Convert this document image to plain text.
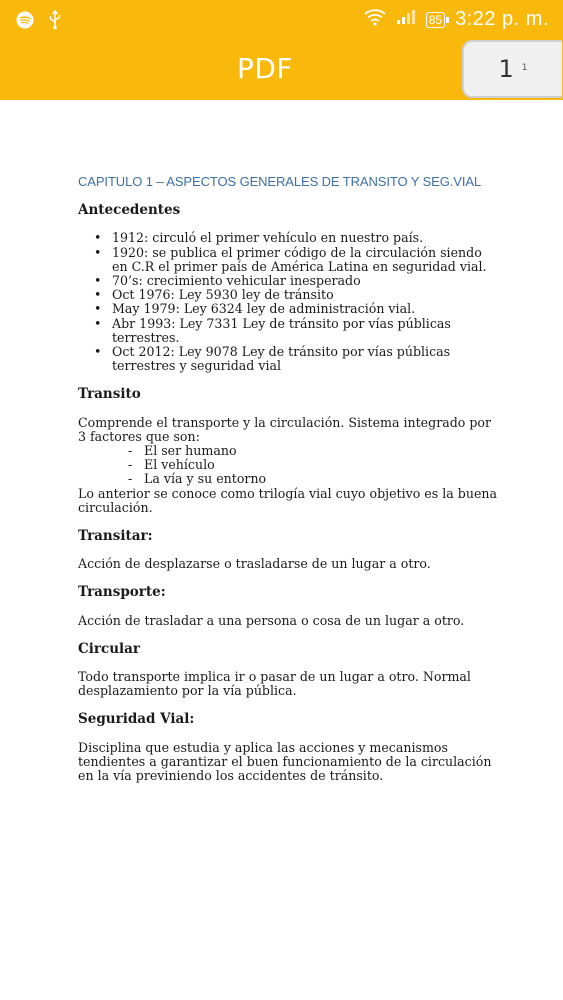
85 3:22 p. m.
PDF	1 1
CAPITULO 1 – ASPECTOS GENERALES DE TRANSITO Y SEG.VIAL
Antecedentes
• 1912: circuló el primer vehículo en nuestro país.
• 1920: se publica el primer código de la circulación siendo en C.R el primer país de América Latina en seguridad vial.
• 70’s: crecimiento vehicular inesperado
• Oct 1976: Ley 5930 ley de tránsito
• May 1979: Ley 6324 ley de administración vial.
• Abr 1993: Ley 7331 Ley de tránsito por vías públicas terrestres.
• Oct 2012: Ley 9078 Ley de tránsito por vías públicas terrestres y seguridad vial
Transito

Comprende el transporte y la circulación. Sistema integrado por 3 factores que son:

- El ser humano
- El vehículo
- La vía y su entorno

Lo anterior se conoce como trilogía vial cuyo objetivo es la buena circulación.

Transitar:

Acción de desplazarse o trasladarse de un lugar a otro.

Transporte:

Acción de trasladar a una persona o cosa de un lugar a otro.

Circular

Todo transporte implica ir o pasar de un lugar a otro. Normal desplazamiento por la vía pública.

Seguridad Vial:

Disciplina que estudia y aplica las acciones y mecanismos tendientes a garantizar el buen funcionamiento de la circulación en la vía previniendo los accidentes de tránsito.
